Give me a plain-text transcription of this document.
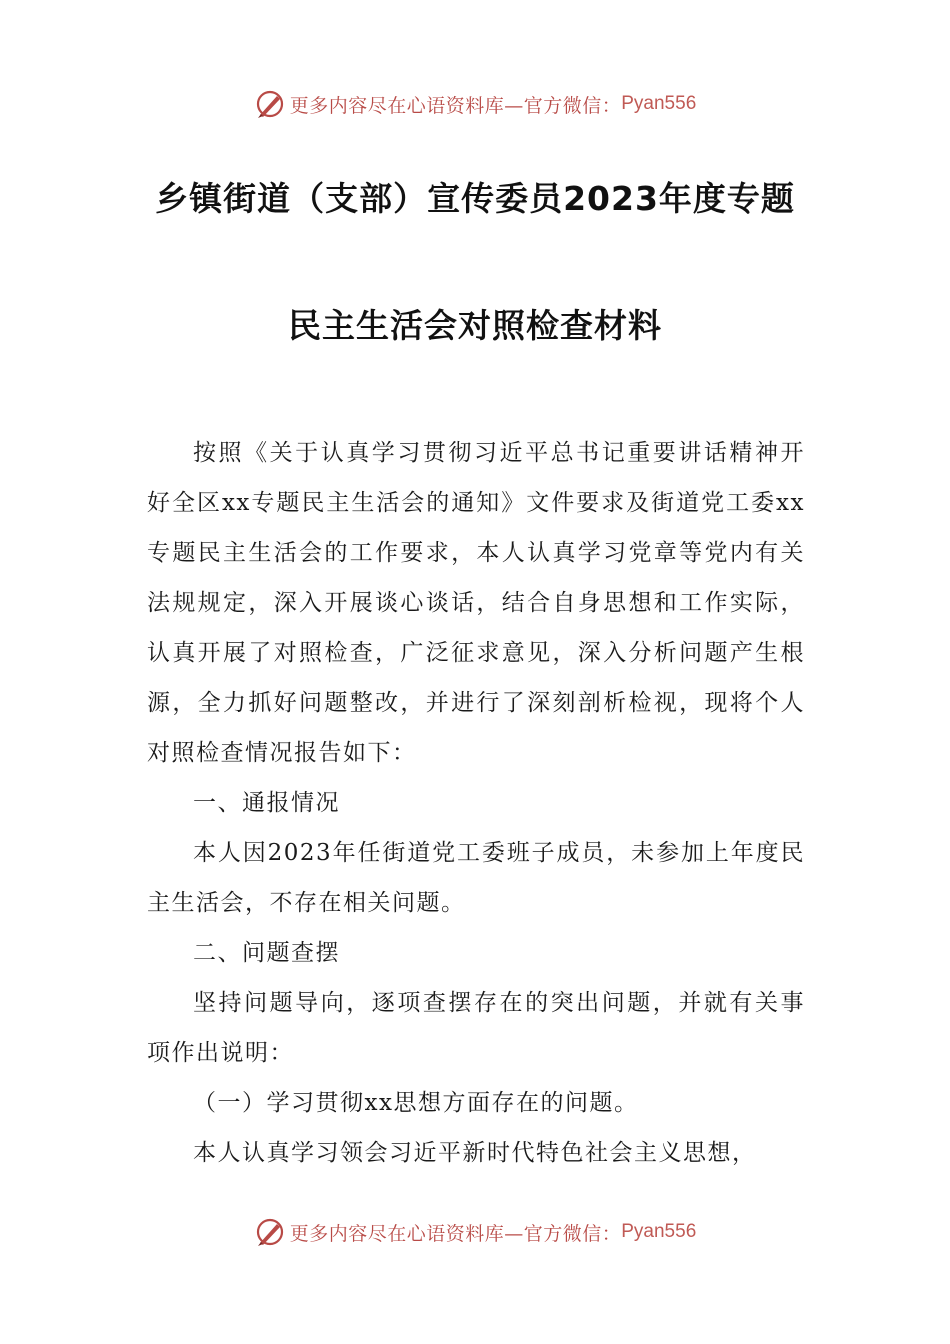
更多内容尽在心语资料库—官方微信： Pyan556
乡镇街道（支部）宣传委员2023年度专题
民主生活会对照检查材料

按照《关于认真学习贯彻习近平总书记重要讲话精神开好全区xx专题民主生活会的通知》文件要求及街道党工委xx专题民主生活会的工作要求，本人认真学习党章等党内有关法规规定，深入开展谈心谈话，结合自身思想和工作实际，认真开展了对照检查，广泛征求意见，深入分析问题产生根源，全力抓好问题整改，并进行了深刻剖析检视，现将个人对照检查情况报告如下：

一、通报情况

本人因2023年任街道党工委班子成员，未参加上年度民主生活会，不存在相关问题。

二、问题查摆

坚持问题导向，逐项查摆存在的突出问题，并就有关事项作出说明：

（一）学习贯彻xx思想方面存在的问题。

本人认真学习领会习近平新时代特色社会主义思想，

更多内容尽在心语资料库—官方微信： Pyan556
